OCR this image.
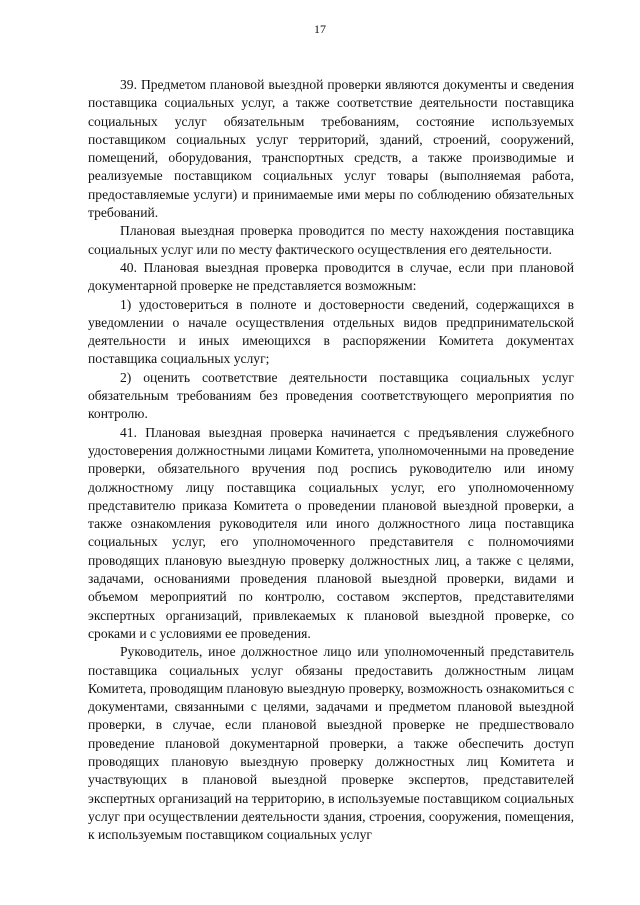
17

39. Предметом плановой выездной проверки являются документы и сведения поставщика социальных услуг, а также соответствие деятельности поставщика социальных услуг обязательным требованиям, состояние используемых поставщиком социальных услуг территорий, зданий, строений, сооружений, помещений, оборудования, транспортных средств, а также производимые и реализуемые поставщиком социальных услуг товары (выполняемая работа, предоставляемые услуги) и принимаемые ими меры по соблюдению обязательных требований.

Плановая выездная проверка проводится по месту нахождения поставщика социальных услуг или по месту фактического осуществления его деятельности.

40. Плановая выездная проверка проводится в случае, если при плановой документарной проверке не представляется возможным:

1) удостовериться в полноте и достоверности сведений, содержащихся в уведомлении о начале осуществления отдельных видов предпринимательской деятельности и иных имеющихся в распоряжении Комитета документах поставщика социальных услуг;

2) оценить соответствие деятельности поставщика социальных услуг обязательным требованиям без проведения соответствующего мероприятия по контролю.

41. Плановая выездная проверка начинается с предъявления служебного удостоверения должностными лицами Комитета, уполномоченными на проведение проверки, обязательного вручения под роспись руководителю или иному должностному лицу поставщика социальных услуг, его уполномоченному представителю приказа Комитета о проведении плановой выездной проверки, а также ознакомления руководителя или иного должностного лица поставщика социальных услуг, его уполномоченного представителя с полномочиями проводящих плановую выездную проверку должностных лиц, а также с целями, задачами, основаниями проведения плановой выездной проверки, видами и объемом мероприятий по контролю, составом экспертов, представителями экспертных организаций, привлекаемых к плановой выездной проверке, со сроками и с условиями ее проведения.

Руководитель, иное должностное лицо или уполномоченный представитель поставщика социальных услуг обязаны предоставить должностным лицам Комитета, проводящим плановую выездную проверку, возможность ознакомиться с документами, связанными с целями, задачами и предметом плановой выездной проверки, в случае, если плановой выездной проверке не предшествовало проведение плановой документарной проверки, а также обеспечить доступ проводящих плановую выездную проверку должностных лиц Комитета и участвующих в плановой выездной проверке экспертов, представителей экспертных организаций на территорию, в используемые поставщиком социальных услуг при осуществлении деятельности здания, строения, сооружения, помещения, к используемым поставщиком социальных услуг
